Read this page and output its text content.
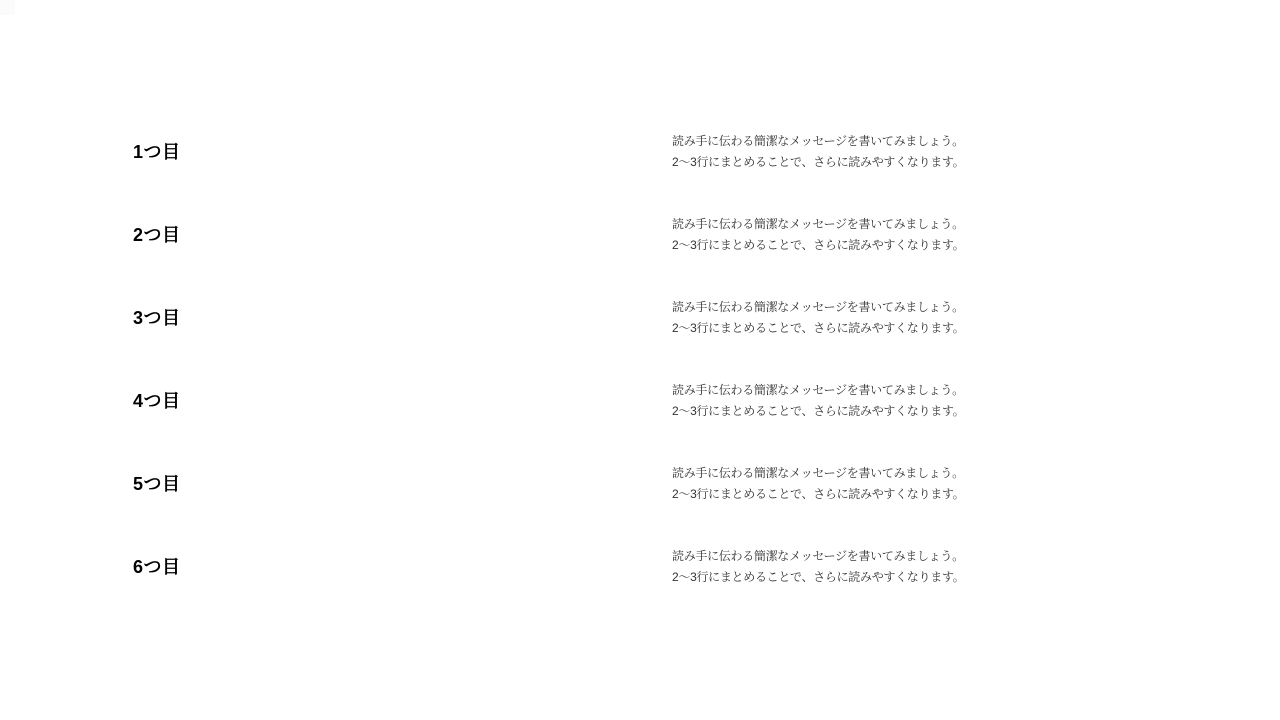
1つ目
読み手に伝わる簡潔なメッセージを書いてみましょう。
2〜3行にまとめることで、さらに読みやすくなります。
2つ目
読み手に伝わる簡潔なメッセージを書いてみましょう。
2〜3行にまとめることで、さらに読みやすくなります。
3つ目
読み手に伝わる簡潔なメッセージを書いてみましょう。
2〜3行にまとめることで、さらに読みやすくなります。
4つ目
読み手に伝わる簡潔なメッセージを書いてみましょう。
2〜3行にまとめることで、さらに読みやすくなります。
5つ目
読み手に伝わる簡潔なメッセージを書いてみましょう。
2〜3行にまとめることで、さらに読みやすくなります。
6つ目
読み手に伝わる簡潔なメッセージを書いてみましょう。
2〜3行にまとめることで、さらに読みやすくなります。
